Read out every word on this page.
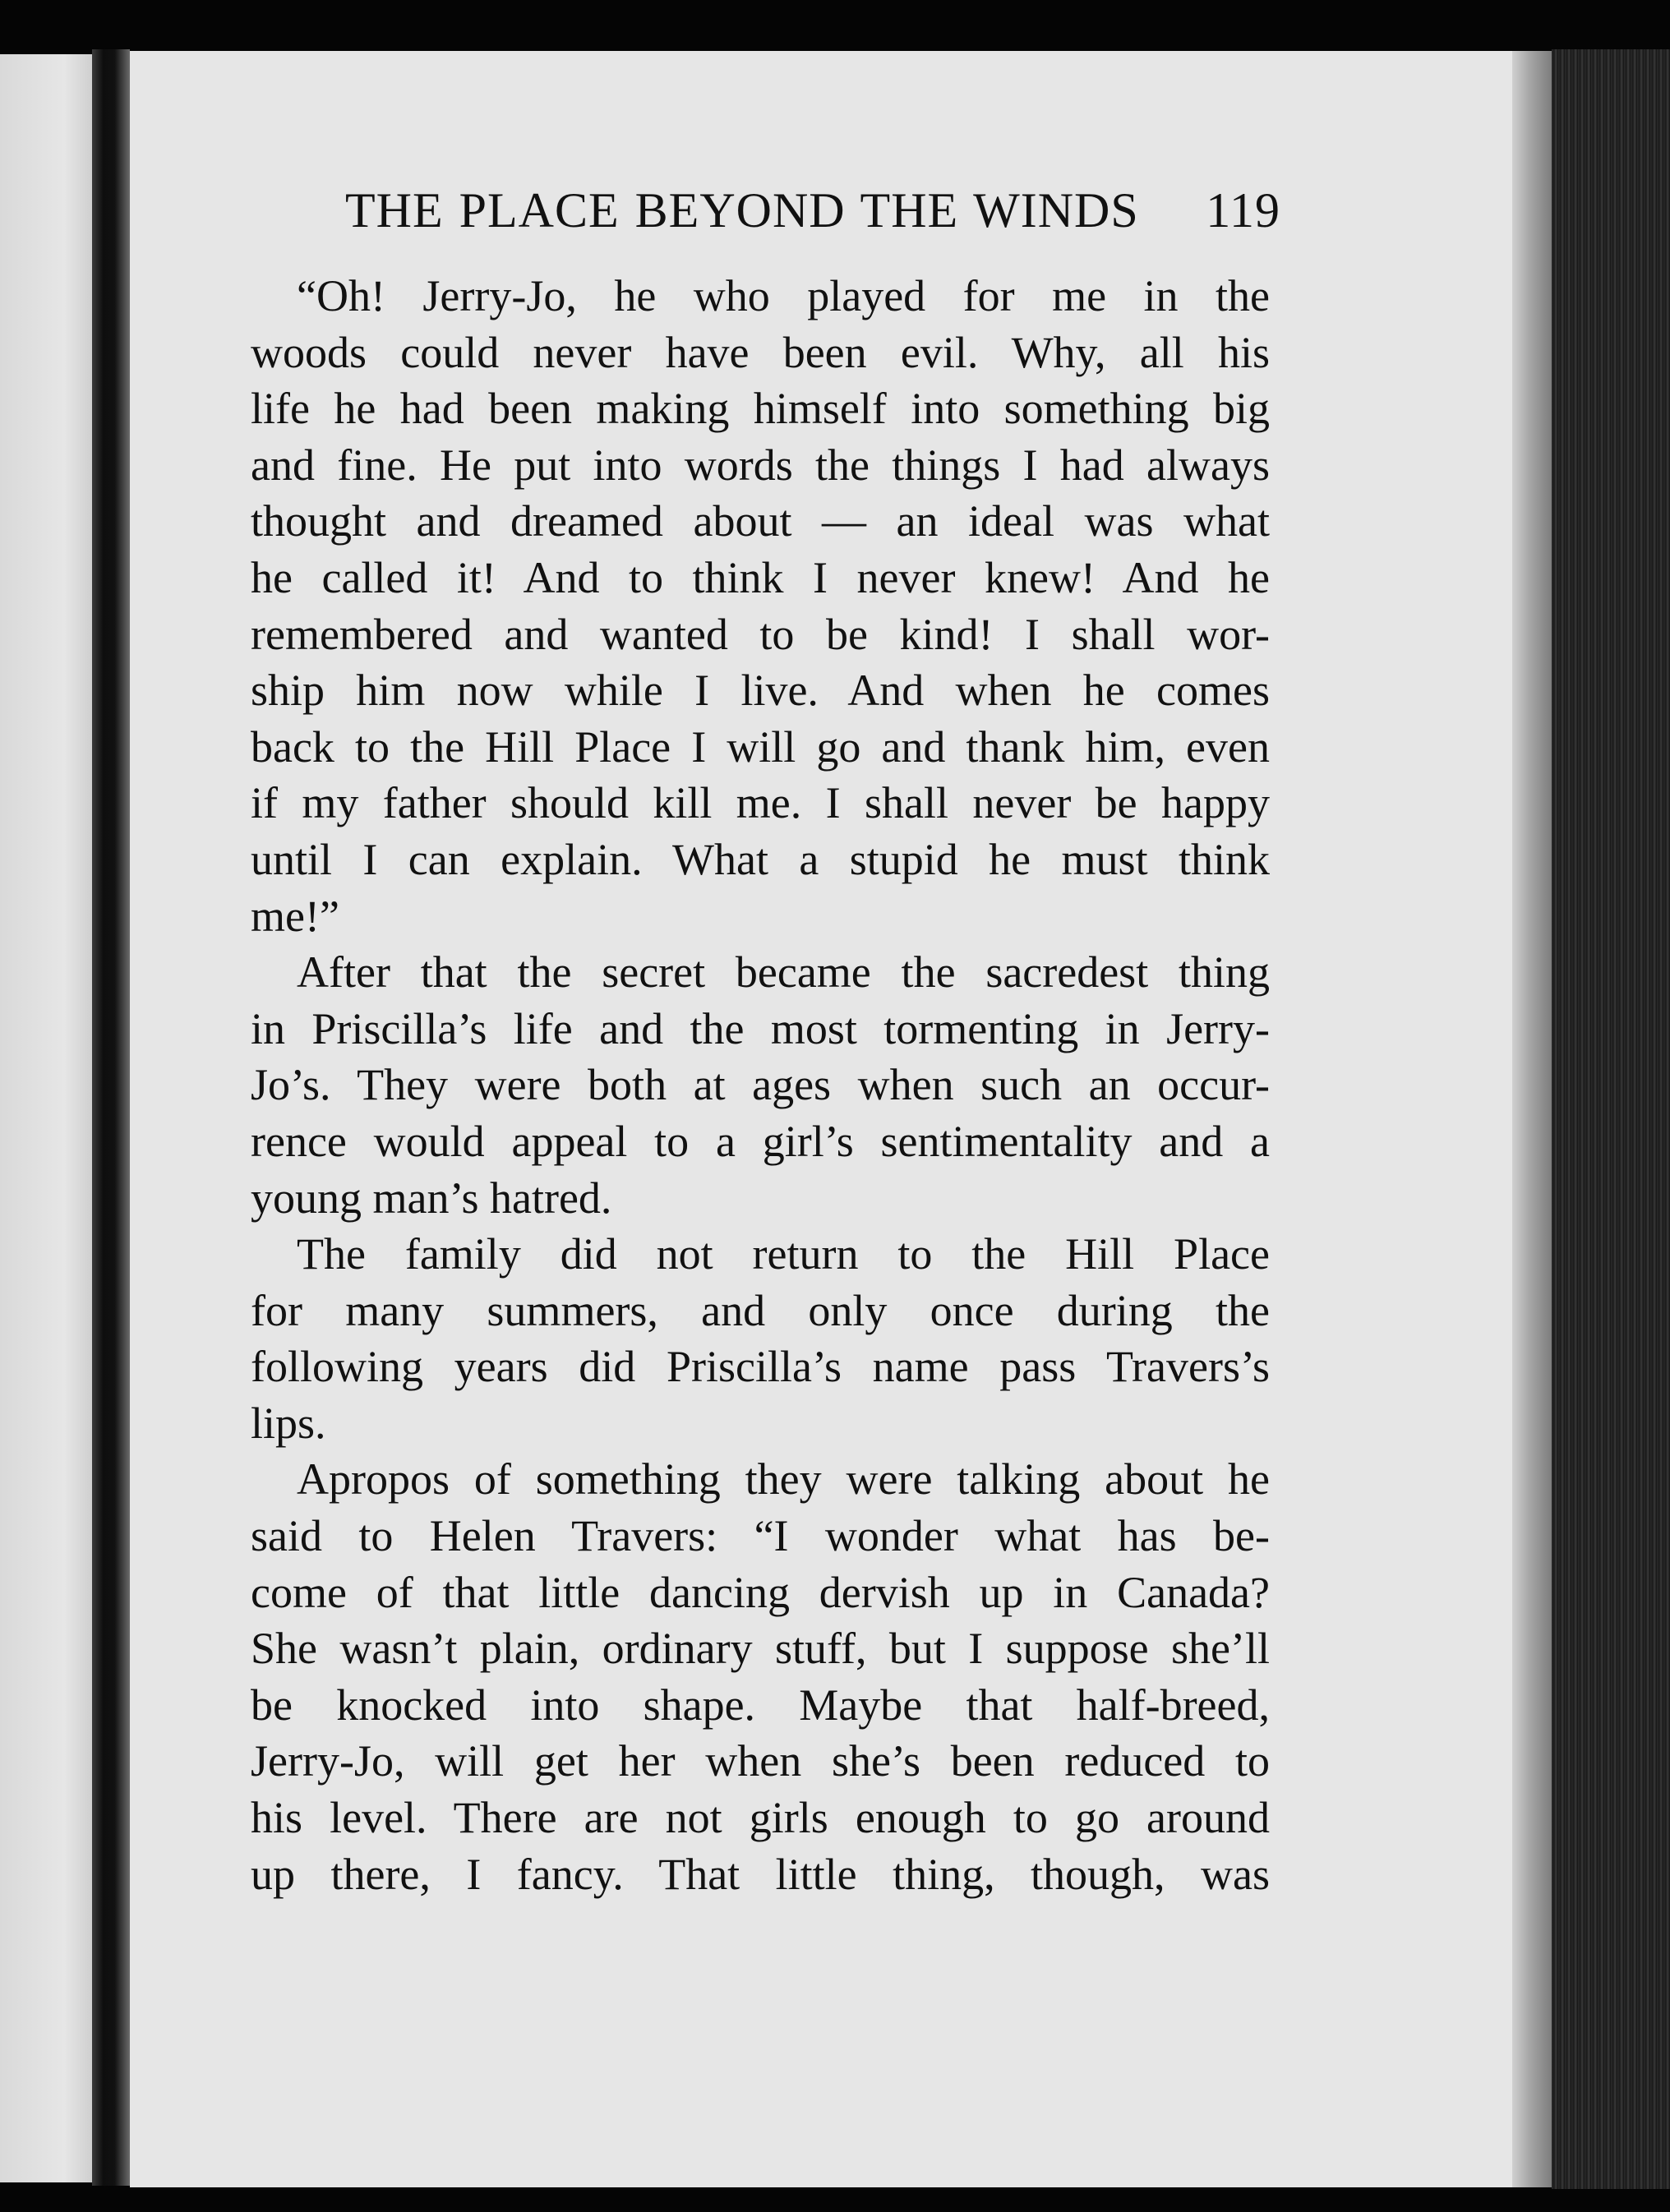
THE PLACE BEYOND THE WINDS 119
“Oh! Jerry-Jo, he who played for me in the
woods could never have been evil. Why, all his
life he had been making himself into something big
and fine. He put into words the things I had always
thought and dreamed about — an ideal was what
he called it! And to think I never knew! And he
remembered and wanted to be kind! I shall wor-
ship him now while I live. And when he comes
back to the Hill Place I will go and thank him, even
if my father should kill me. I shall never be happy
until I can explain. What a stupid he must think
me!”
After that the secret became the sacredest thing
in Priscilla’s life and the most tormenting in Jerry-
Jo’s. They were both at ages when such an occur-
rence would appeal to a girl’s sentimentality and a
young man’s hatred.
The family did not return to the Hill Place
for many summers, and only once during the
following years did Priscilla’s name pass Travers’s
lips.
Apropos of something they were talking about he
said to Helen Travers: “I wonder what has be-
come of that little dancing dervish up in Canada?
She wasn’t plain, ordinary stuff, but I suppose she’ll
be knocked into shape. Maybe that half-breed,
Jerry-Jo, will get her when she’s been reduced to
his level. There are not girls enough to go around
up there, I fancy. That little thing, though, was
